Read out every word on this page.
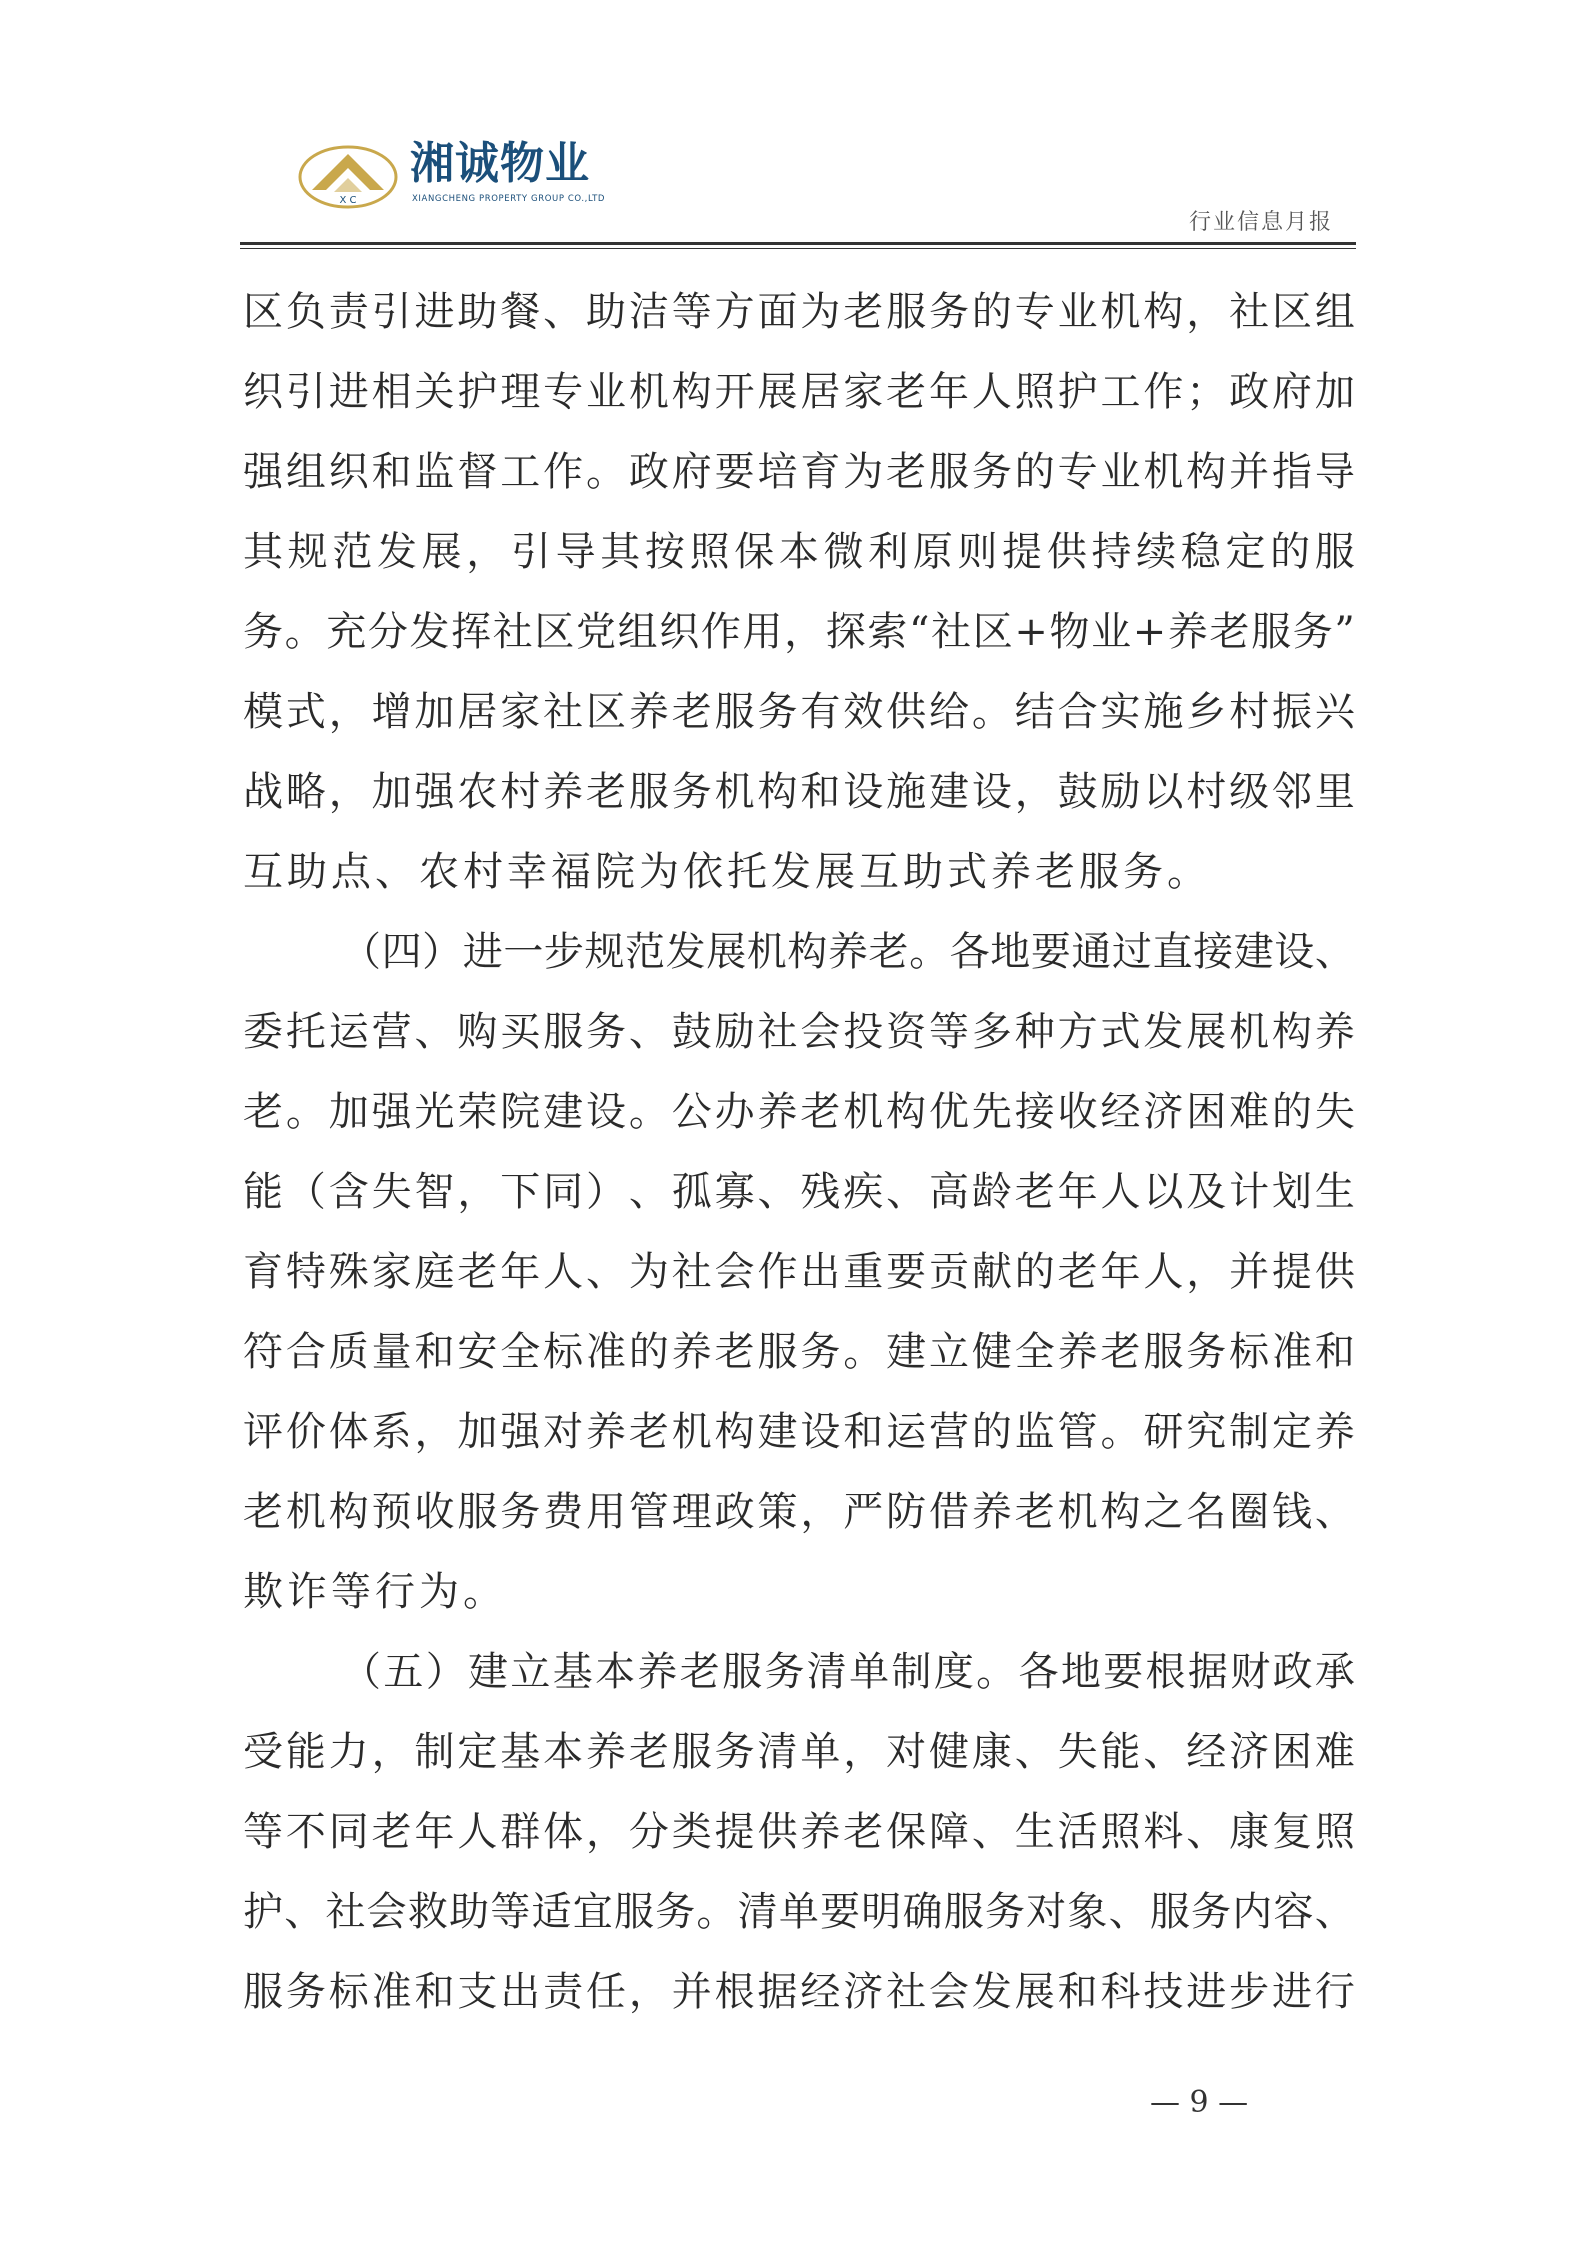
X C
湘诚物业
XIANGCHENG PROPERTY GROUP CO.,LTD
行业信息月报
区 负 责 引 进 助 餐 、 助 洁 等 方 面 为 老 服 务 的 专 业 机 构 ， 社 区 组
织 引 进 相 关 护 理 专 业 机 构 开 展 居 家 老 年 人 照 护 工 作 ； 政 府 加
强 组 织 和 监 督 工 作 。 政 府 要 培 育 为 老 服 务 的 专 业 机 构 并 指 导
其 规 范 发 展 ， 引 导 其 按 照 保 本 微 利 原 则 提 供 持 续 稳 定 的 服
务 。 充 分 发 挥 社 区 党 组 织 作 用 ， 探 索 “ 社 区 + 物 业 + 养 老 服 务 ”
模 式 ， 增 加 居 家 社 区 养 老 服 务 有 效 供 给 。 结 合 实 施 乡 村 振 兴
战 略 ， 加 强 农 村 养 老 服 务 机 构 和 设 施 建 设 ， 鼓 励 以 村 级 邻 里
互助点、农村幸福院为依托发展互助式养老服务。
（ 四 ） 进 一 步 规 范 发 展 机 构 养 老 。 各 地 要 通 过 直 接 建 设 、
委 托 运 营 、 购 买 服 务 、 鼓 励 社 会 投 资 等 多 种 方 式 发 展 机 构 养
老 。 加 强 光 荣 院 建 设 。 公 办 养 老 机 构 优 先 接 收 经 济 困 难 的 失
能 （ 含 失 智 ， 下 同 ） 、 孤 寡 、 残 疾 、 高 龄 老 年 人 以 及 计 划 生
育 特 殊 家 庭 老 年 人 、 为 社 会 作 出 重 要 贡 献 的 老 年 人 ， 并 提 供
符 合 质 量 和 安 全 标 准 的 养 老 服 务 。 建 立 健 全 养 老 服 务 标 准 和
评 价 体 系 ， 加 强 对 养 老 机 构 建 设 和 运 营 的 监 管 。 研 究 制 定 养
老 机 构 预 收 服 务 费 用 管 理 政 策 ， 严 防 借 养 老 机 构 之 名 圈 钱 、
欺诈等行为。
（ 五 ） 建 立 基 本 养 老 服 务 清 单 制 度 。 各 地 要 根 据 财 政 承
受 能 力 ， 制 定 基 本 养 老 服 务 清 单 ， 对 健 康 、 失 能 、 经 济 困 难
等 不 同 老 年 人 群 体 ， 分 类 提 供 养 老 保 障 、 生 活 照 料 、 康 复 照
护 、 社 会 救 助 等 适 宜 服 务 。 清 单 要 明 确 服 务 对 象 、 服 务 内 容 、
服 务 标 准 和 支 出 责 任 ， 并 根 据 经 济 社 会 发 展 和 科 技 进 步 进 行
— 9 —
